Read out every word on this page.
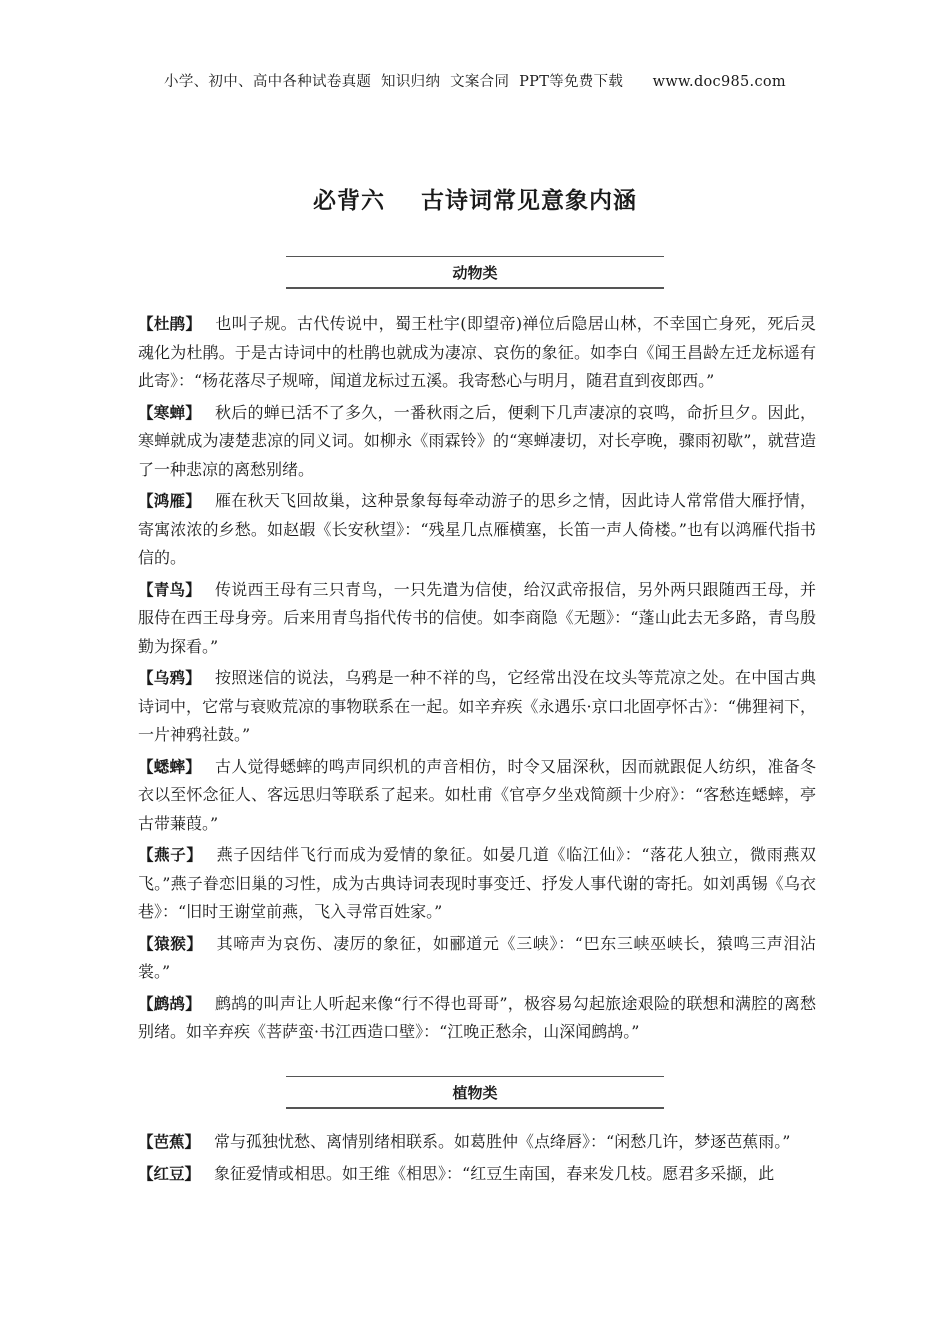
小学、初中、高中各种试卷真题  知识归纳  文案合同  PPT等免费下载      www.doc985.com
必背六    古诗词常见意象内涵
动物类

【杜鹃】 也叫子规。古代传说中，蜀王杜宇(即望帝)禅位后隐居山林，不幸国亡身死，死后灵魂化为杜鹃。于是古诗词中的杜鹃也就成为凄凉、哀伤的象征。如李白《闻王昌龄左迁龙标遥有此寄》：“杨花落尽子规啼，闻道龙标过五溪。我寄愁心与明月，随君直到夜郎西。”

【寒蝉】 秋后的蝉已活不了多久，一番秋雨之后，便剩下几声凄凉的哀鸣，命折旦夕。因此，寒蝉就成为凄楚悲凉的同义词。如柳永《雨霖铃》的“寒蝉凄切，对长亭晚，骤雨初歇”，就营造了一种悲凉的离愁别绪。

【鸿雁】 雁在秋天飞回故巢，这种景象每每牵动游子的思乡之情，因此诗人常常借大雁抒情，寄寓浓浓的乡愁。如赵嘏《长安秋望》：“残星几点雁横塞，长笛一声人倚楼。”也有以鸿雁代指书信的。

【青鸟】 传说西王母有三只青鸟，一只先遣为信使，给汉武帝报信，另外两只跟随西王母，并服侍在西王母身旁。后来用青鸟指代传书的信使。如李商隐《无题》：“蓬山此去无多路，青鸟殷勤为探看。”

【乌鸦】 按照迷信的说法，乌鸦是一种不祥的鸟，它经常出没在坟头等荒凉之处。在中国古典诗词中，它常与衰败荒凉的事物联系在一起。如辛弃疾《永遇乐·京口北固亭怀古》：“佛狸祠下，一片神鸦社鼓。”

【蟋蟀】 古人觉得蟋蟀的鸣声同织机的声音相仿，时令又届深秋，因而就跟促人纺织，准备冬衣以至怀念征人、客远思归等联系了起来。如杜甫《官亭夕坐戏简颜十少府》：“客愁连蟋蟀，亭古带蒹葭。”

【燕子】 燕子因结伴飞行而成为爱情的象征。如晏几道《临江仙》：“落花人独立，微雨燕双飞。”燕子眷恋旧巢的习性，成为古典诗词表现时事变迁、抒发人事代谢的寄托。如刘禹锡《乌衣巷》：“旧时王谢堂前燕，飞入寻常百姓家。”

【猿猴】 其啼声为哀伤、凄厉的象征，如郦道元《三峡》：“巴东三峡巫峡长，猿鸣三声泪沾裳。”

【鹧鸪】 鹧鸪的叫声让人听起来像“行不得也哥哥”，极容易勾起旅途艰险的联想和满腔的离愁别绪。如辛弃疾《菩萨蛮·书江西造口壁》：“江晚正愁余，山深闻鹧鸪。”

植物类

【芭蕉】 常与孤独忧愁、离情别绪相联系。如葛胜仲《点绛唇》：“闲愁几许，梦逐芭蕉雨。”

【红豆】 象征爱情或相思。如王维《相思》：“红豆生南国，春来发几枝。愿君多采撷，此
